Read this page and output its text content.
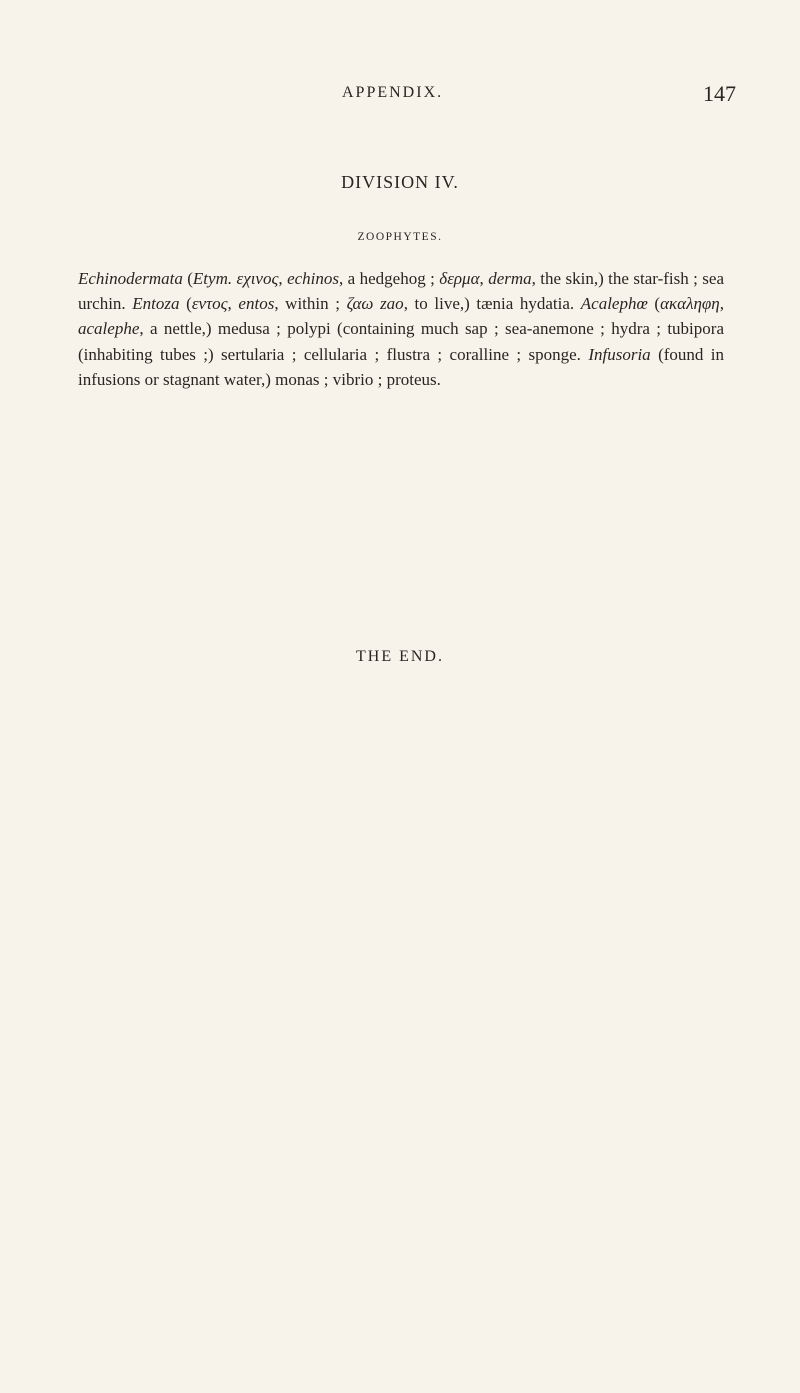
APPENDIX.	147
DIVISION IV.
ZOOPHYTES.

Echinodermata (Etym. εχινος, echinos, a hedgehog ; δερμα, derma, the skin,) the star-fish ; sea urchin. Entoza (εντος, entos, within ; ζαω zao, to live,) tænia hydatia. Acalephœ (ακαληφη, acalephe, a nettle,) medusa ; polypi (containing much sap ; sea-anemone ; hydra ; tubipora (inhabiting tubes ;) sertularia ; cellularia ; flustra ; coralline ; sponge. Infusoria (found in infusions or stagnant water,) monas ; vibrio ; proteus.

THE END.
